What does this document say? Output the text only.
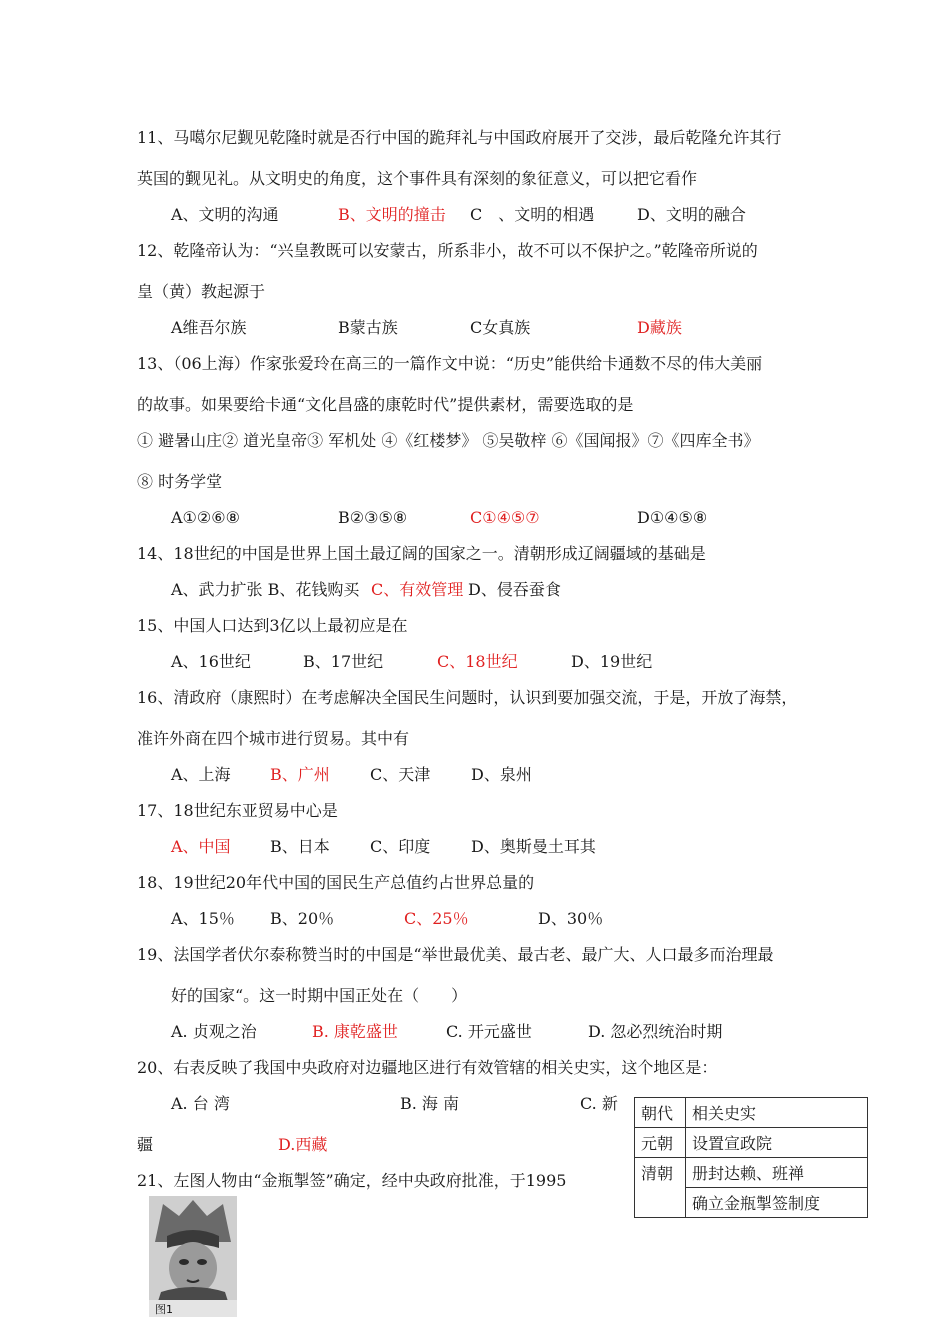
11、马噶尔尼觐见乾隆时就是否行中国的跪拜礼与中国政府展开了交涉，最后乾隆允许其行
英国的觐见礼。从文明史的角度，这个事件具有深刻的象征意义，可以把它看作
A、文明的沟通	B、文明的撞击 C　、文明的相遇	D、文明的融合
12、乾隆帝认为：“兴皇教既可以安蒙古，所系非小，故不可以不保护之。”乾隆帝所说的
皇（黄）教起源于
A维吾尔族	B蒙古族	C女真族	D藏族
13、（06上海）作家张爱玲在高三的一篇作文中说：“历史”能供给卡通数不尽的伟大美丽
的故事。如果要给卡通“文化昌盛的康乾时代”提供素材，需要选取的是
① 避暑山庄② 道光皇帝③ 军机处 ④《红楼梦》 ⑤吴敬梓 ⑥《国闻报》⑦《四库全书》
⑧ 时务学堂
A①②⑥⑧	B②③⑤⑧	C①④⑤⑦	D①④⑤⑧
14、18世纪的中国是世界上国土最辽阔的国家之一。清朝形成辽阔疆域的基础是
A、武力扩张 B、花钱购买 C、有效管理 D、侵吞蚕食
15、中国人口达到3亿以上最初应是在
A、16世纪	B、17世纪	C、18世纪	D、19世纪
16、清政府（康熙时）在考虑解决全国民生问题时，认识到要加强交流，于是，开放了海禁，
准许外商在四个城市进行贸易。其中有
A、上海 B、广州	C、天津	D、泉州
17、18世纪东亚贸易中心是
A、中国 B、日本	C、印度	D、奥斯曼土耳其
18、19世纪20年代中国的国民生产总值约占世界总量的
A、15％ B、20％	C、25％	D、30％
19、法国学者伏尔泰称赞当时的中国是“举世最优美、最古老、最广大、人口最多而治理最
好的国家“。这一时期中国正处在（　　）
A. 贞观之治	B. 康乾盛世	C. 开元盛世	D. 忽必烈统治时期
20、右表反映了我国中央政府对边疆地区进行有效管辖的相关史实，这个地区是：
A. 台 湾	B. 海 南	C. 新
疆	D.西藏
朝代	相关史实
元朝	设置宣政院
清朝	册封达赖、班禅
	确立金瓶掣签制度
21、左图人物由“金瓶掣签”确定，经中央政府批准，于1995
图1
